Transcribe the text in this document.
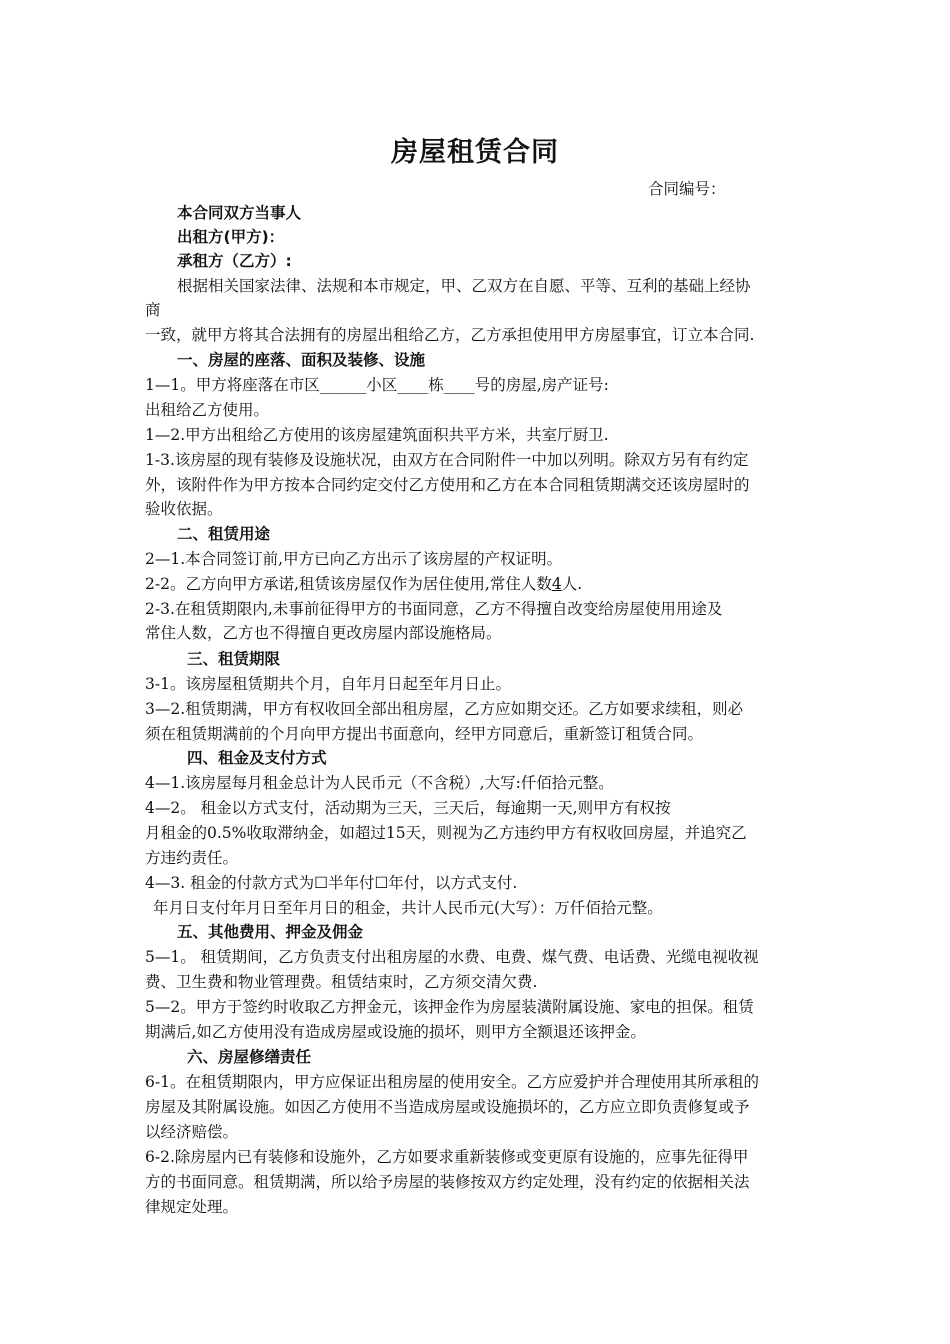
房屋租赁合同
合同编号：
本合同双方当事人
出租方(甲方)：
承租方（乙方）:
根据相关国家法律、法规和本市规定，甲、乙双方在自愿、平等、互利的基础上经协
商
一致，就甲方将其合法拥有的房屋出租给乙方，乙方承担使用甲方房屋事宜，订立本合同.
一、房屋的座落、面积及装修、设施
1—1。甲方将座落在市区______小区____栋____号的房屋,房产证号:
出租给乙方使用。
1—2.甲方出租给乙方使用的该房屋建筑面积共平方米，共室厅厨卫.
1-3.该房屋的现有装修及设施状况，由双方在合同附件一中加以列明。除双方另有有约定
外，该附件作为甲方按本合同约定交付乙方使用和乙方在本合同租赁期满交还该房屋时的
验收依据。
二、租赁用途
2—1.本合同签订前,甲方已向乙方出示了该房屋的产权证明。
2-2。乙方向甲方承诺,租赁该房屋仅作为居住使用,常住人数4人.
2-3.在租赁期限内,未事前征得甲方的书面同意，乙方不得擅自改变给房屋使用用途及
常住人数，乙方也不得擅自更改房屋内部设施格局。
三、租赁期限
3-1。该房屋租赁期共个月，自年月日起至年月日止。
3—2.租赁期满，甲方有权收回全部出租房屋，乙方应如期交还。乙方如要求续租，则必
须在租赁期满前的个月向甲方提出书面意向，经甲方同意后，重新签订租赁合同。
四、租金及支付方式
4—1.该房屋每月租金总计为人民币元（不含税）,大写:仟佰拾元整。
4—2。 租金以方式支付，活动期为三天，三天后，每逾期一天,则甲方有权按
月租金的0.5%收取滞纳金，如超过15天，则视为乙方违约甲方有权收回房屋，并追究乙
方违约责任。
4—3. 租金的付款方式为☐半年付☐年付，以方式支付.
年月日支付年月日至年月日的租金，共计人民币元(大写）：万仟佰拾元整。
五、其他费用、押金及佣金
5—1。 租赁期间，乙方负责支付出租房屋的水费、电费、煤气费、电话费、光缆电视收视
费、卫生费和物业管理费。租赁结束时，乙方须交清欠费.
5—2。甲方于签约时收取乙方押金元，该押金作为房屋装潢附属设施、家电的担保。租赁
期满后,如乙方使用没有造成房屋或设施的损坏，则甲方全额退还该押金。
六、房屋修缮责任
6-1。在租赁期限内，甲方应保证出租房屋的使用安全。乙方应爱护并合理使用其所承租的
房屋及其附属设施。如因乙方使用不当造成房屋或设施损坏的，乙方应立即负责修复或予
以经济赔偿。
6-2.除房屋内已有装修和设施外，乙方如要求重新装修或变更原有设施的，应事先征得甲
方的书面同意。租赁期满，所以给予房屋的装修按双方约定处理，没有约定的依据相关法
律规定处理。
